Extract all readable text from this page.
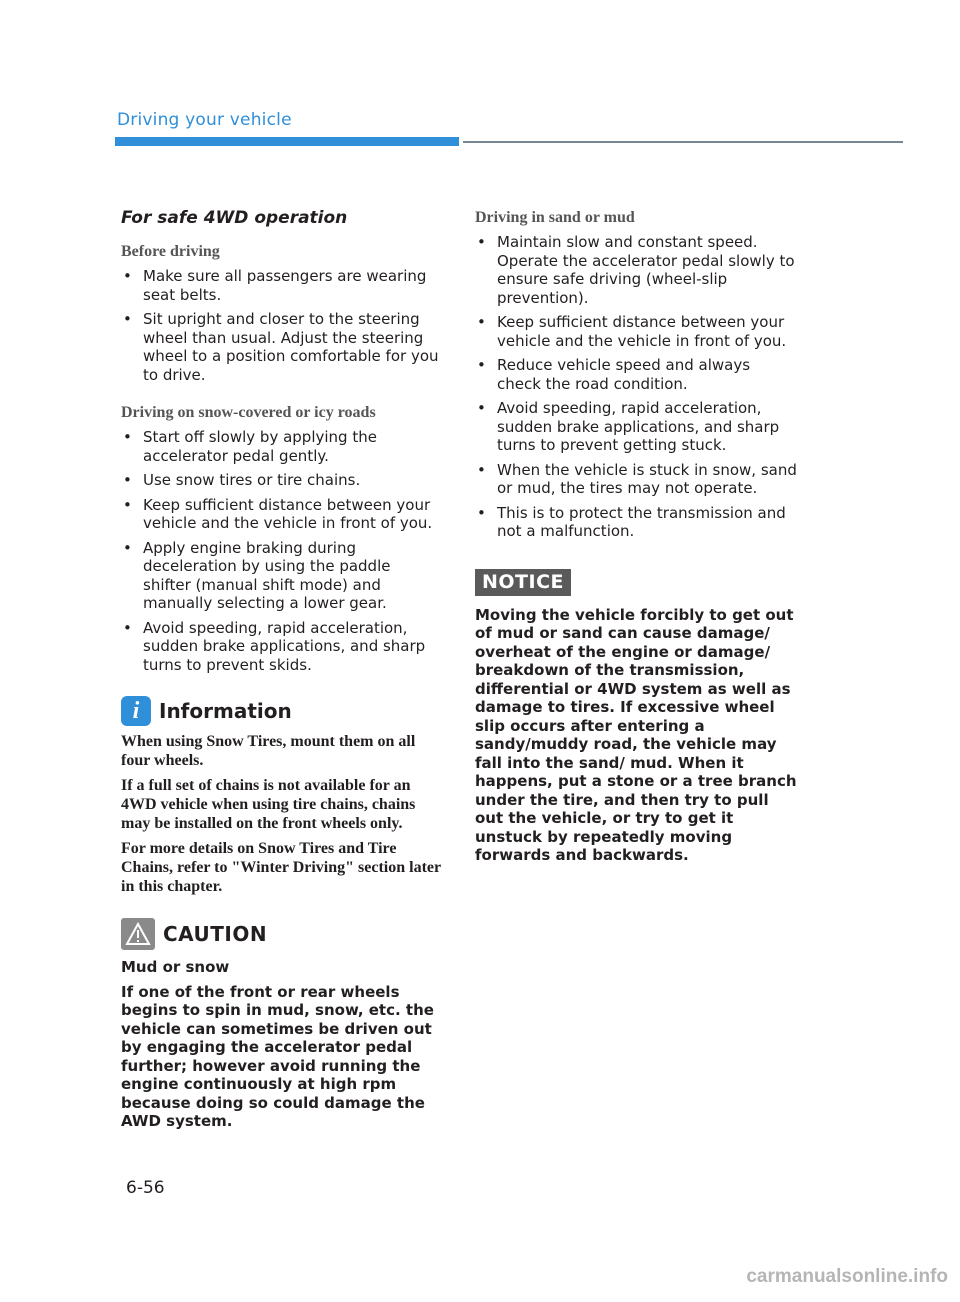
Driving your vehicle
For safe 4WD operation
Before driving
• Make sure all passengers are wearing seat belts.
• Sit upright and closer to the steering wheel than usual. Adjust the steering wheel to a position comfortable for you to drive.
Driving on snow-covered or icy roads
• Start off slowly by applying the accelerator pedal gently.
• Use snow tires or tire chains.
• Keep sufficient distance between your vehicle and the vehicle in front of you.
• Apply engine braking during deceleration by using the paddle shifter (manual shift mode) and manually selecting a lower gear.
• Avoid speeding, rapid acceleration, sudden brake applications, and sharp turns to prevent skids.
i Information

When using Snow Tires, mount them on all four wheels.

If a full set of chains is not available for an 4WD vehicle when using tire chains, chains may be installed on the front wheels only.

For more details on Snow Tires and Tire Chains, refer to "Winter Driving" section later in this chapter.

CAUTION

Mud or snow

If one of the front or rear wheels begins to spin in mud, snow, etc. the vehicle can sometimes be driven out by engaging the accelerator pedal further; however avoid running the engine continuously at high rpm because doing so could damage the AWD system.

Driving in sand or mud
• Maintain slow and constant speed. Operate the accelerator pedal slowly to ensure safe driving (wheel-slip prevention).
• Keep sufficient distance between your vehicle and the vehicle in front of you.
• Reduce vehicle speed and always check the road condition.
• Avoid speeding, rapid acceleration, sudden brake applications, and sharp turns to prevent getting stuck.
• When the vehicle is stuck in snow, sand or mud, the tires may not operate.
• This is to protect the transmission and not a malfunction.
NOTICE

Moving the vehicle forcibly to get out of mud or sand can cause damage/ overheat of the engine or damage/ breakdown of the transmission, differential or 4WD system as well as damage to tires. If excessive wheel slip occurs after entering a sandy/muddy road, the vehicle may fall into the sand/ mud. When it happens, put a stone or a tree branch under the tire, and then try to pull out the vehicle, or try to get it unstuck by repeatedly moving forwards and backwards.

6-56
carmanualsonline.info
